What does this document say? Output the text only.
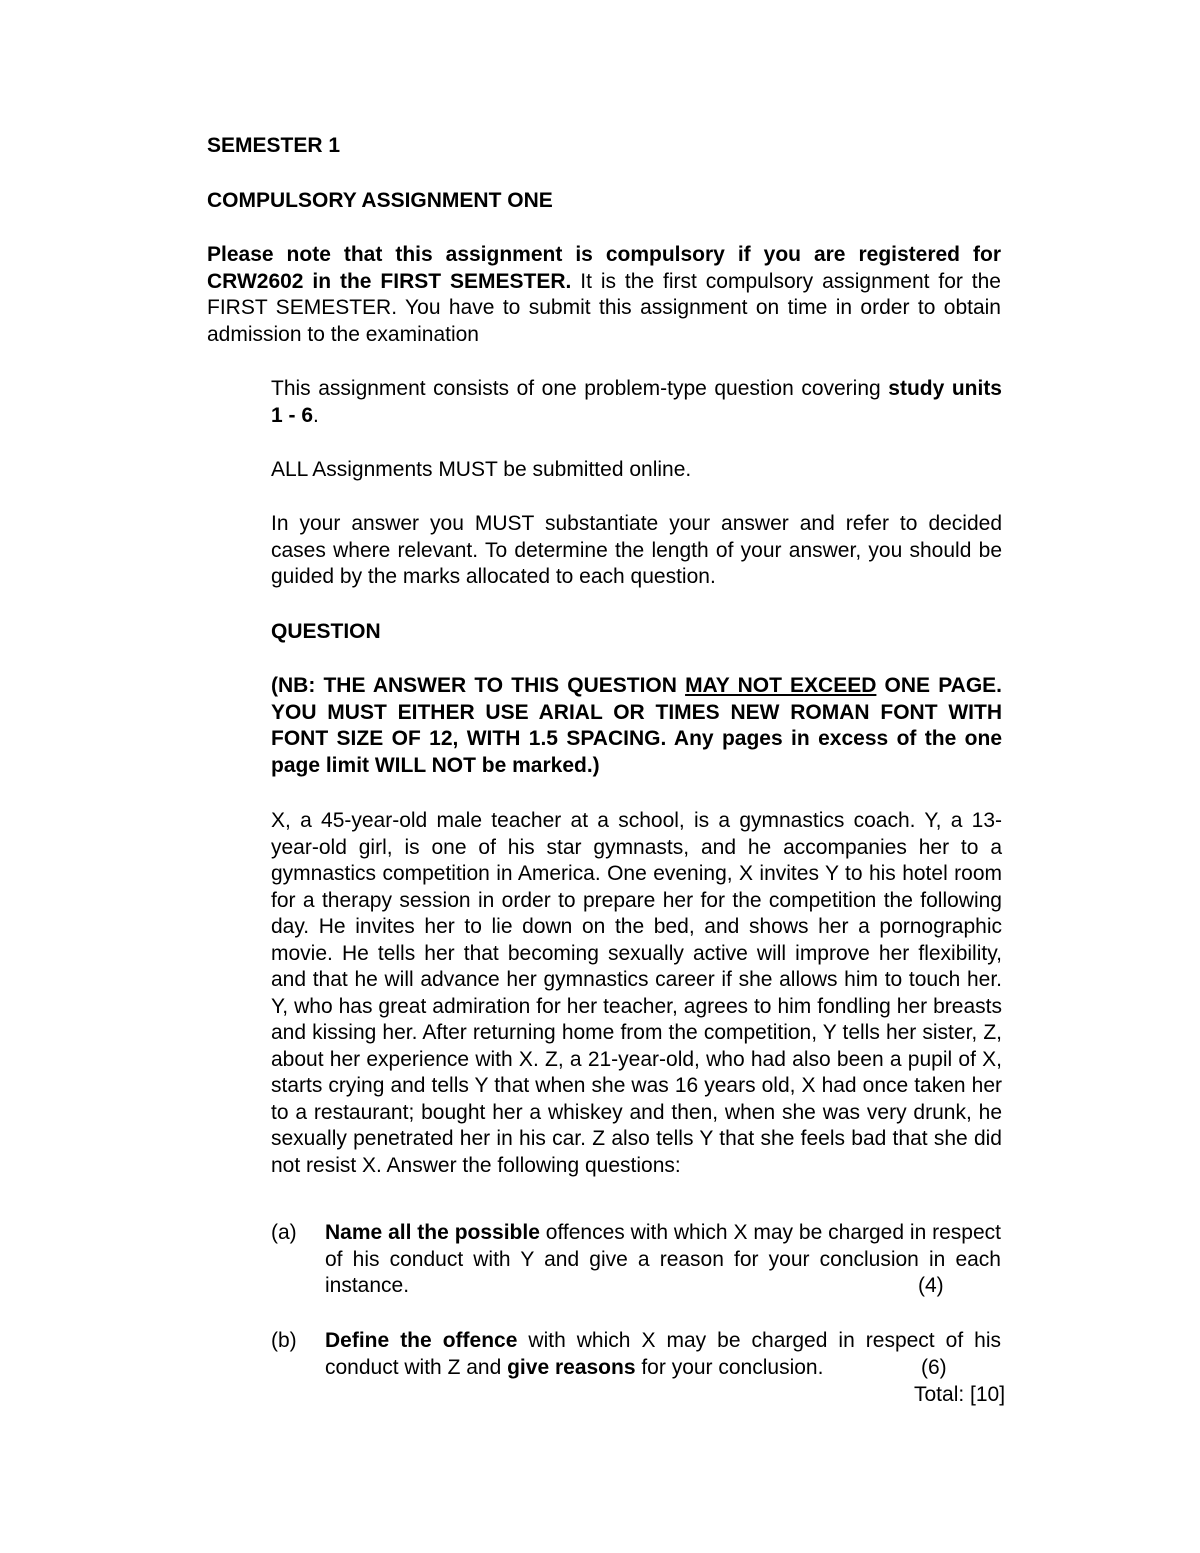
SEMESTER 1
COMPULSORY ASSIGNMENT ONE
Please note that this assignment is compulsory if you are registered for CRW2602 in the FIRST SEMESTER. It is the first compulsory assignment for the FIRST SEMESTER. You have to submit this assignment on time in order to obtain admission to the examination
This assignment consists of one problem-type question covering study units 1 - 6.
ALL Assignments MUST be submitted online.
In your answer you MUST substantiate your answer and refer to decided cases where relevant. To determine the length of your answer, you should be guided by the marks allocated to each question.
QUESTION
(NB: THE ANSWER TO THIS QUESTION MAY NOT EXCEED ONE PAGE. YOU MUST EITHER USE ARIAL OR TIMES NEW ROMAN FONT WITH FONT SIZE OF 12, WITH 1.5 SPACING. Any pages in excess of the one page limit WILL NOT be marked.)
X, a 45-year-old male teacher at a school, is a gymnastics coach. Y, a 13-year-old girl, is one of his star gymnasts, and he accompanies her to a gymnastics competition in America. One evening, X invites Y to his hotel room for a therapy session in order to prepare her for the competition the following day. He invites her to lie down on the bed, and shows her a pornographic movie. He tells her that becoming sexually active will improve her flexibility, and that he will advance her gymnastics career if she allows him to touch her. Y, who has great admiration for her teacher, agrees to him fondling her breasts and kissing her. After returning home from the competition, Y tells her sister, Z, about her experience with X. Z, a 21-year-old, who had also been a pupil of X, starts crying and tells Y that when she was 16 years old, X had once taken her to a restaurant; bought her a whiskey and then, when she was very drunk, he sexually penetrated her in his car. Z also tells Y that she feels bad that she did not resist X. Answer the following questions:
(a) Name all the possible offences with which X may be charged in respect of his conduct with Y and give a reason for your conclusion in each instance.	(4)
(b) Define the offence with which X may be charged in respect of his conduct with Z and give reasons for your conclusion.	(6)
Total: [10]
